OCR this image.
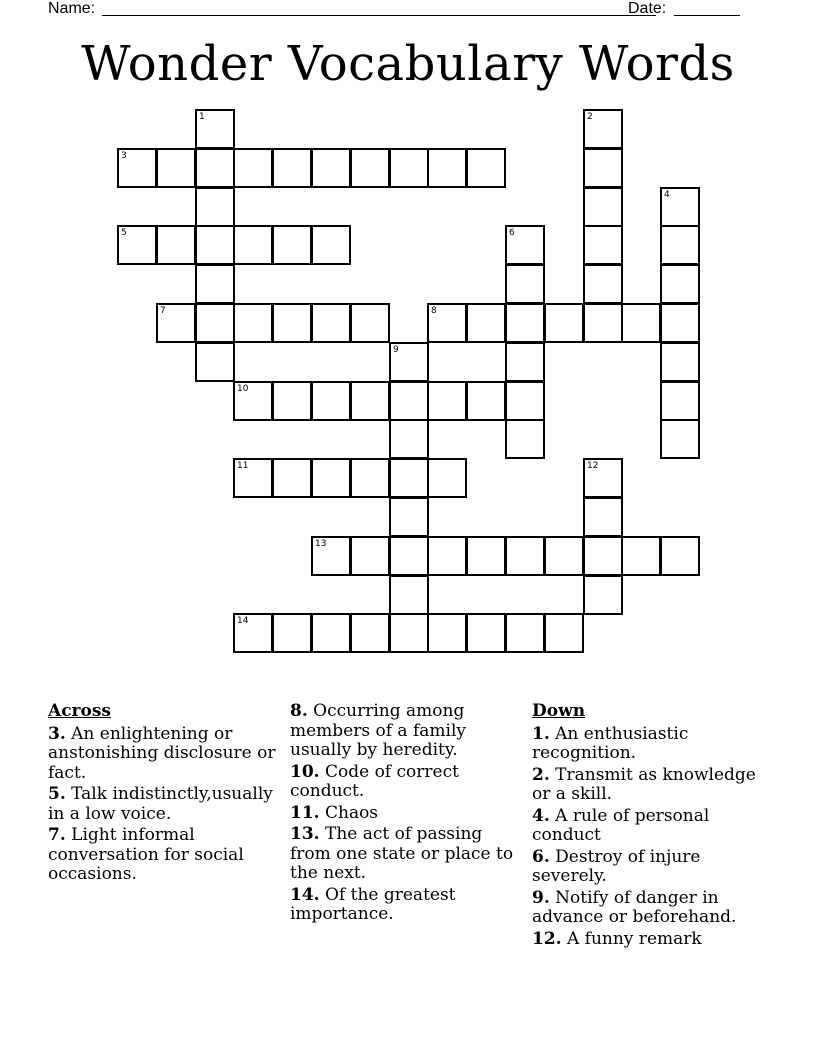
Name:	Date:
Wonder Vocabulary Words
1	2
3
4
5	6
7	8
9
10
11	12
13
14
Across
3. An enlightening or anstonishing disclosure or fact.
5. Talk indistinctly,usually in a low voice.
7. Light informal conversation for social occasions.
8. Occurring among members of a family usually by heredity.
10. Code of correct conduct.
11. Chaos
13. The act of passing from one state or place to the next.
14. Of the greatest importance.
Down
1. An enthusiastic recognition.
2. Transmit as knowledge or a skill.
4. A rule of personal conduct
6. Destroy of injure severely.
9. Notify of danger in advance or beforehand.
12. A funny remark
